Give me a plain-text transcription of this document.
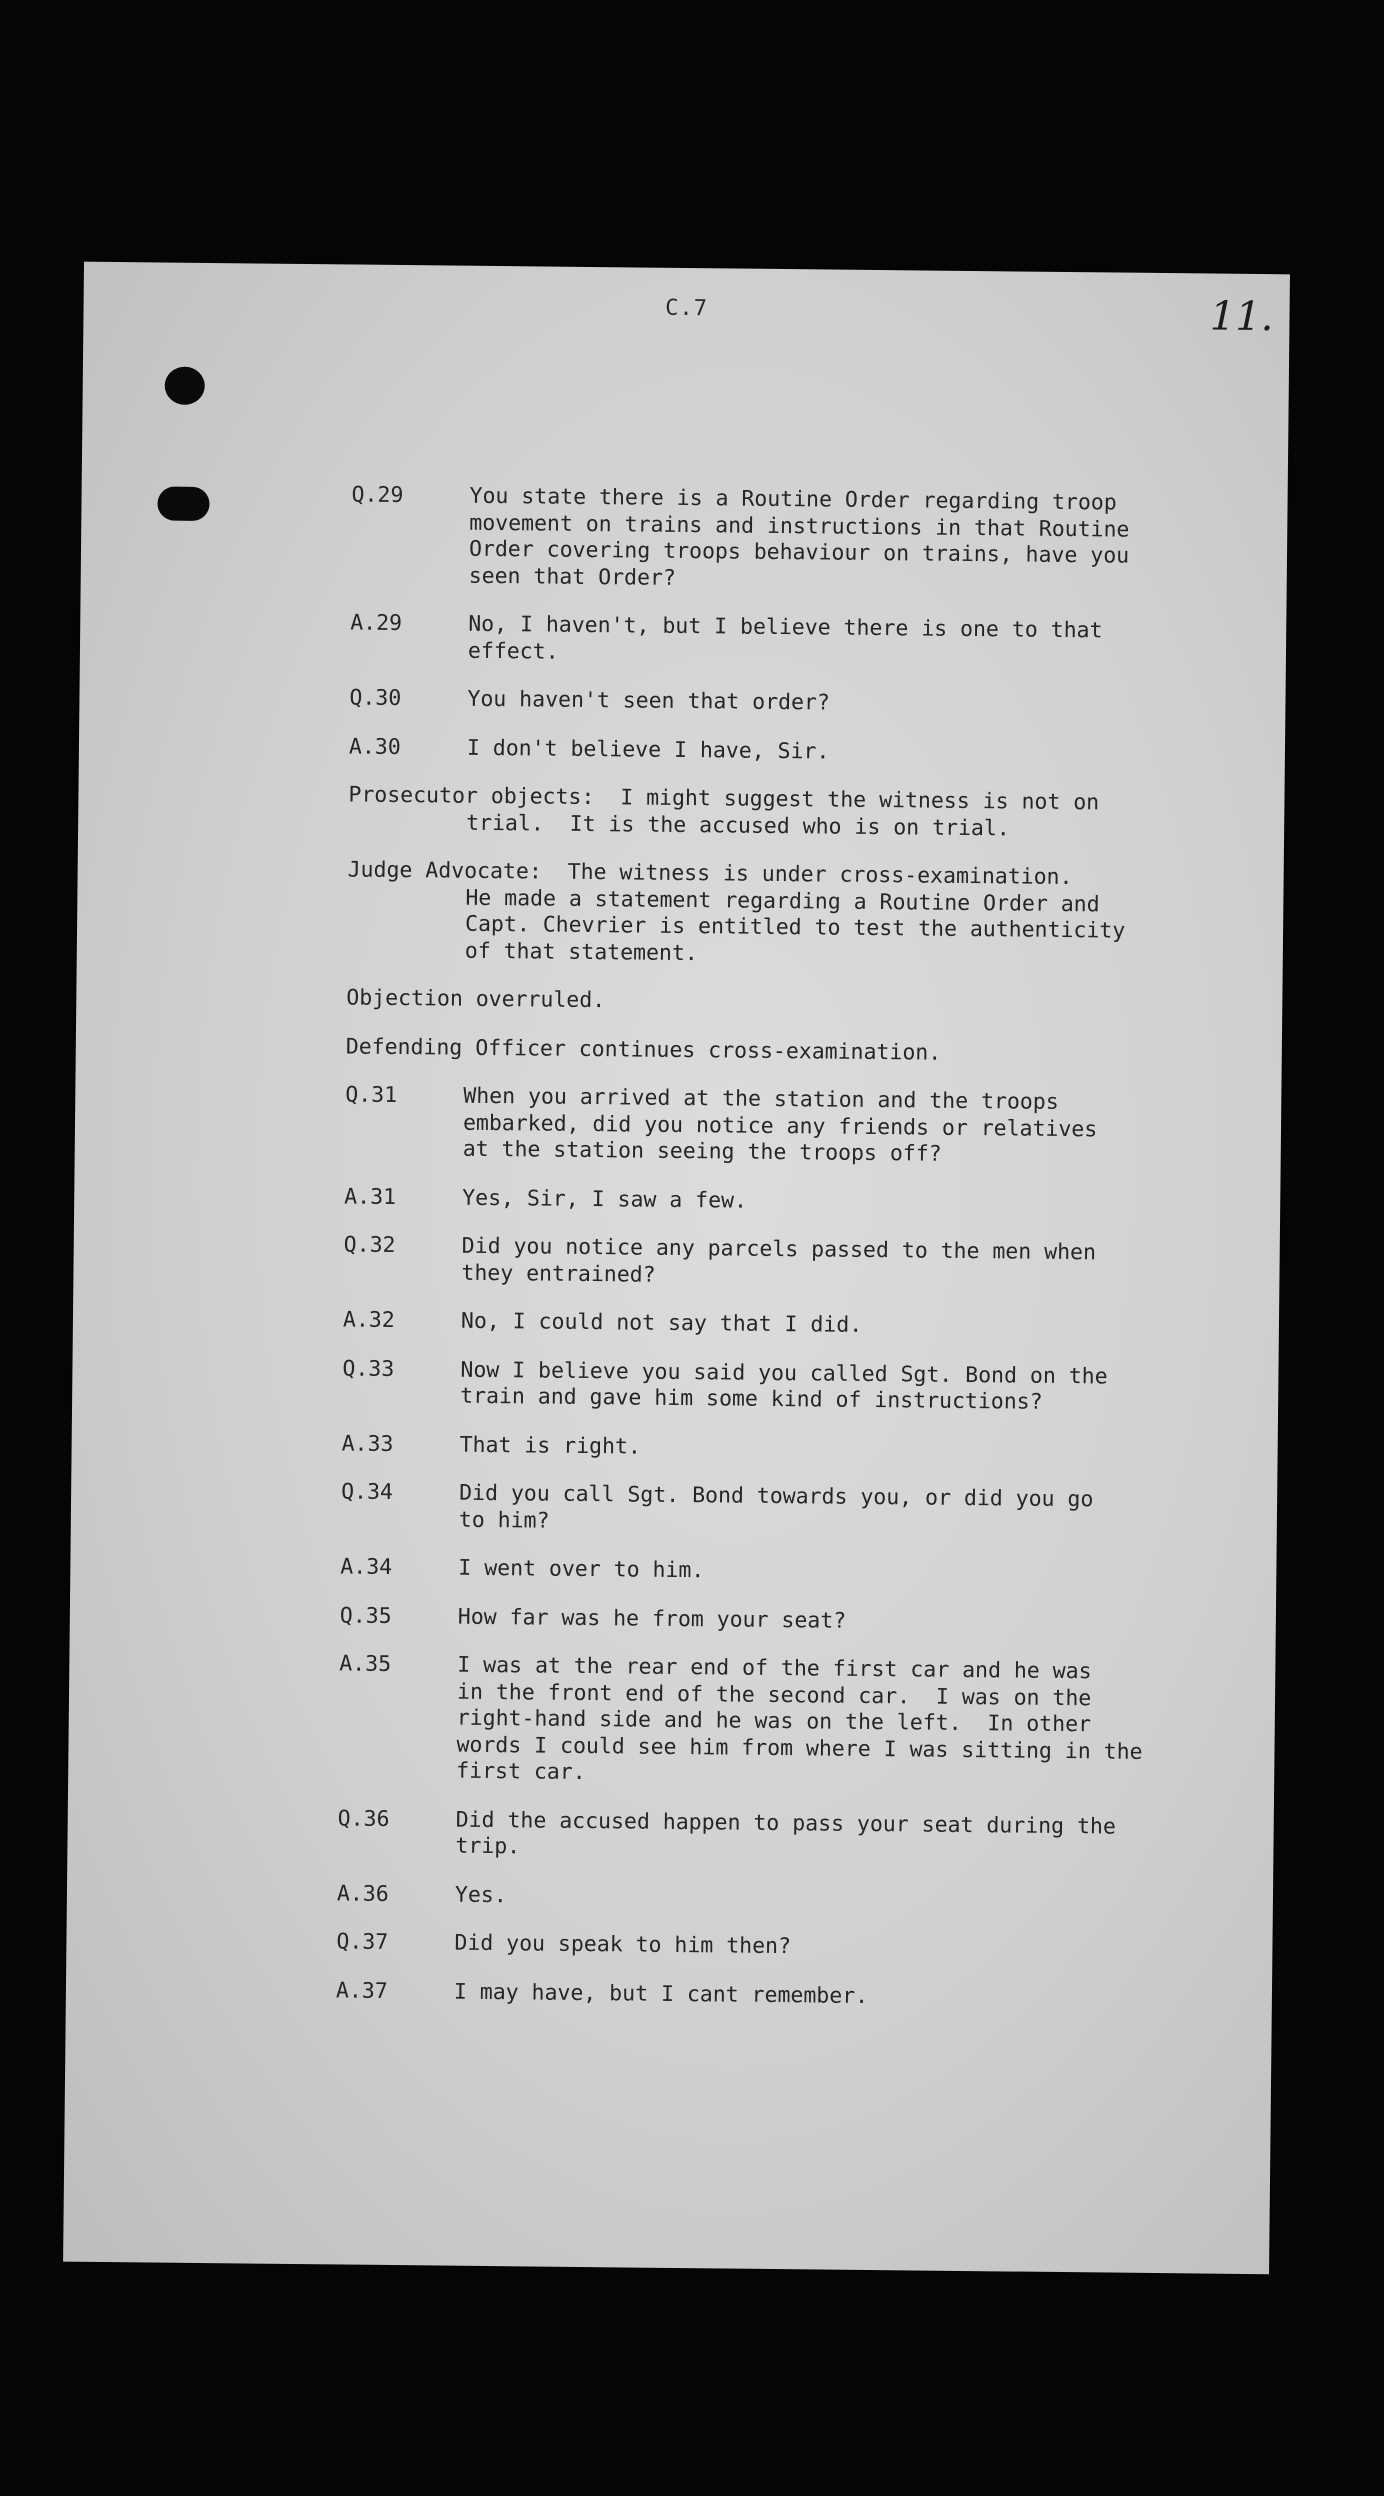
C.7	11.
Q.29	You state there is a Routine Order regarding troop
movement on trains and instructions in that Routine
Order covering troops behaviour on trains, have you
seen that Order?
A.29	No, I haven't, but I believe there is one to that
effect.
Q.30	You haven't seen that order?
A.30	I don't believe I have, Sir.
Prosecutor objects:  I might suggest the witness is not on
trial.  It is the accused who is on trial.
Judge Advocate:  The witness is under cross-examination.
He made a statement regarding a Routine Order and
Capt. Chevrier is entitled to test the authenticity
of that statement.
Objection overruled.
Defending Officer continues cross-examination.
Q.31	When you arrived at the station and the troops
embarked, did you notice any friends or relatives
at the station seeing the troops off?
A.31	Yes, Sir, I saw a few.
Q.32	Did you notice any parcels passed to the men when
they entrained?
A.32	No, I could not say that I did.
Q.33	Now I believe you said you called Sgt. Bond on the
train and gave him some kind of instructions?
A.33	That is right.
Q.34	Did you call Sgt. Bond towards you, or did you go
to him?
A.34	I went over to him.
Q.35	How far was he from your seat?
A.35	I was at the rear end of the first car and he was
in the front end of the second car.  I was on the
right-hand side and he was on the left.  In other
words I could see him from where I was sitting in the
first car.
Q.36	Did the accused happen to pass your seat during the
trip.
A.36	Yes.
Q.37	Did you speak to him then?
A.37	I may have, but I cant remember.
